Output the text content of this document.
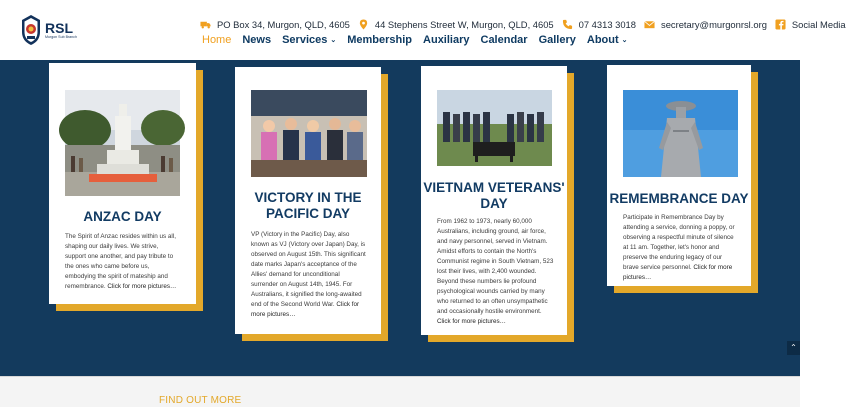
RSL
Murgon Sub Branch
PO Box 34, Murgon, QLD, 4605	44 Stephens Street W, Murgon, QLD, 4605	07 4313 3018	secretary@murgonrsl.org	Social Media
Home News Services ⌄ Membership Auxiliary Calendar Gallery About ⌄
ANZAC DAY
The Spirit of Anzac resides within us all, shaping our daily lives. We strive, support one another, and pay tribute to the ones who came before us, embodying the spirit of mateship and remembrance. Click for more pictures…
VICTORY IN THE
PACIFIC DAY
VP (Victory in the Pacific) Day, also known as VJ (Victory over Japan) Day, is observed on August 15th. This significant date marks Japan's acceptance of the Allies' demand for unconditional surrender on August 14th, 1945. For Australians, it signified the long-awaited end of the Second World War. Click for more pictures…
VIETNAM VETERANS'
DAY
From 1962 to 1973, nearly 60,000 Australians, including ground, air force, and navy personnel, served in Vietnam. Amidst efforts to contain the North's Communist regime in South Vietnam, 523 lost their lives, with 2,400 wounded. Beyond these numbers lie profound psychological wounds carried by many who returned to an often unsympathetic and occasionally hostile environment. Click for more pictures…
REMEMBRANCE DAY
Participate in Remembrance Day by attending a service, donning a poppy, or observing a respectful minute of silence at 11 am. Together, let's honor and preserve the enduring legacy of our brave service personnel. Click for more pictures…
⌃
FIND OUT MORE
